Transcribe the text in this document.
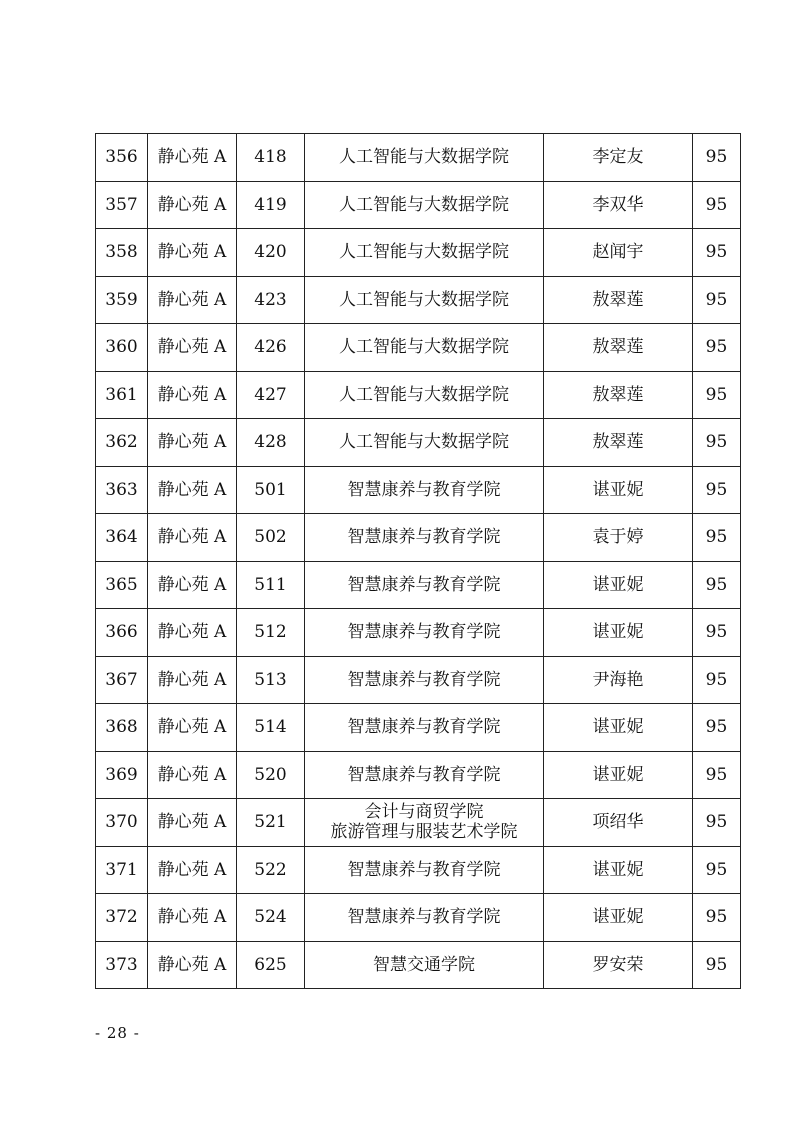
356	静心苑 A	418	人工智能与大数据学院	李定友	95
357	静心苑 A	419	人工智能与大数据学院	李双华	95
358	静心苑 A	420	人工智能与大数据学院	赵闻宇	95
359	静心苑 A	423	人工智能与大数据学院	敖翠莲	95
360	静心苑 A	426	人工智能与大数据学院	敖翠莲	95
361	静心苑 A	427	人工智能与大数据学院	敖翠莲	95
362	静心苑 A	428	人工智能与大数据学院	敖翠莲	95
363	静心苑 A	501	智慧康养与教育学院	谌亚妮	95
364	静心苑 A	502	智慧康养与教育学院	袁于婷	95
365	静心苑 A	511	智慧康养与教育学院	谌亚妮	95
366	静心苑 A	512	智慧康养与教育学院	谌亚妮	95
367	静心苑 A	513	智慧康养与教育学院	尹海艳	95
368	静心苑 A	514	智慧康养与教育学院	谌亚妮	95
369	静心苑 A	520	智慧康养与教育学院	谌亚妮	95
370	静心苑 A	521	会计与商贸学院
旅游管理与服装艺术学院	项绍华	95
371	静心苑 A	522	智慧康养与教育学院	谌亚妮	95
372	静心苑 A	524	智慧康养与教育学院	谌亚妮	95
373	静心苑 A	625	智慧交通学院	罗安荣	95
- 28 -
